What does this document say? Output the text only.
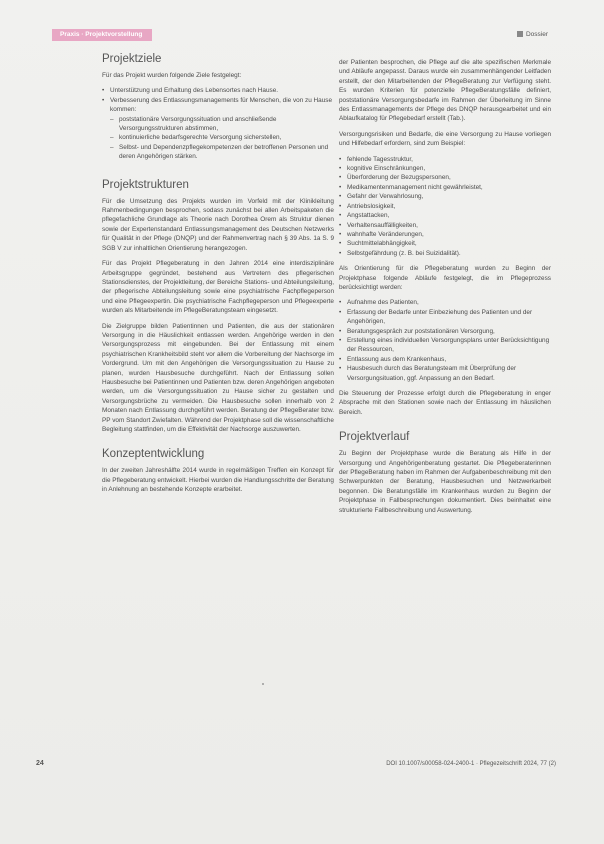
Praxis · Projektvorstellung	Dossier
Projektziele

Für das Projekt wurden folgende Ziele festgelegt:

• Unterstützung und Erhaltung des Lebensortes nach Hause.
• Verbesserung des Entlassungsmanagements für Menschen, die von zu Hause kommen:
– poststationäre Versorgungssituation und anschließende Versorgungsstrukturen abstimmen,
– kontinuierliche bedarfsgerechte Versorgung sicherstellen,
– Selbst- und Dependenzpflegekompetenzen der betroffenen Personen und deren Angehörigen stärken.
Projektstrukturen

Für die Umsetzung des Projekts wurden im Vorfeld mit der Klinikleitung Rahmenbedingungen besprochen, sodass zunächst bei allen Arbeitspaketen die pflegefachliche Grundlage als Theorie nach Dorothea Orem als Struktur dienen sowie der Expertenstandard Entlassungsmanagement des Deutschen Netzwerks für Qualität in der Pflege (DNQP) und der Rahmenvertrag nach § 39 Abs. 1a S. 9 SGB V zur inhaltlichen Orientierung herangezogen.

Für das Projekt Pflegeberatung in den Jahren 2014 eine interdisziplinäre Arbeitsgruppe gegründet, bestehend aus Vertretern des pflegerischen Stationsdienstes, der Projektleitung, der Bereiche Stations- und Abteilungsleitung, der pflegerische Abteilungsleitung sowie eine psychiatrische Fachpflegeperson und eine Pflegeexpertin. Die psychiatrische Fachpflegeperson und Pflegeexperte wurden als Mitarbeitende im PflegeBeratungsteam eingesetzt.

Die Zielgruppe bilden Patientinnen und Patienten, die aus der stationären Versorgung in die Häuslichkeit entlassen werden. Angehörige werden in den Versorgungsprozess mit eingebunden. Bei der Entlassung mit einem psychiatrischen Krankheitsbild steht vor allem die Vorbereitung der Nachsorge im Vordergrund. Um mit den Angehörigen die Versorgungssituation zu Hause zu planen, wurden Hausbesuche durchgeführt. Nach der Entlassung sollen Hausbesuche bei Patientinnen und Patienten bzw. deren Angehörigen angeboten werden, um die Versorgungssituation zu Hause sicher zu gestalten und Versorgungsbrüche zu vermeiden. Die Hausbesuche sollen innerhalb von 2 Monaten nach Entlassung durchgeführt werden. Beratung der PflegeBerater bzw. PP vom Standort Zwiefalten. Während der Projektphase soll die wissenschaftliche Begleitung stattfinden, um die Effektivität der Nachsorge auszuwerten.

Konzeptentwicklung

In der zweiten Jahreshälfte 2014 wurde in regelmäßigen Treffen ein Konzept für die Pflegeberatung entwickelt. Hierbei wurden die Handlungsschritte der Beratung in Anlehnung an bestehende Konzepte erarbeitet.

der Patienten besprochen, die Pflege auf die alte spezifischen Merkmale und Abläufe angepasst. Daraus wurde ein zusammenhängender Leitfaden erstellt, der den Mitarbeitenden der PflegeBeratung zur Verfügung steht. Es wurden Kriterien für potenzielle PflegeBeratungsfälle definiert, poststationäre Versorgungsbedarfe im Rahmen der Überleitung im Sinne des Entlassmanagements der Pflege des DNQP herausgearbeitet und ein Ablaufkatalog für Pflegebedarf erstellt (Tab.).

Versorgungsrisiken und Bedarfe, die eine Versorgung zu Hause vorliegen und Hilfebedarf erfordern, sind zum Beispiel:

• fehlende Tagesstruktur,
• kognitive Einschränkungen,
• Überforderung der Bezugspersonen,
• Medikamentenmanagement nicht gewährleistet,
• Gefahr der Verwahrlosung,
• Antriebslosigkeit,
• Angstattacken,
• Verhaltensauffälligkeiten,
• wahnhafte Veränderungen,
• Suchtmittelabhängigkeit,
• Selbstgefährdung (z. B. bei Suizidalität).

Als Orientierung für die Pflegeberatung wurden zu Beginn der Projektphase folgende Abläufe festgelegt, die im Pflegeprozess berücksichtigt werden:

• Aufnahme des Patienten,
• Erfassung der Bedarfe unter Einbeziehung des Patienten und der Angehörigen,
• Beratungsgespräch zur poststationären Versorgung,
• Erstellung eines individuellen Versorgungsplans unter Berücksichtigung der Ressourcen,
• Entlassung aus dem Krankenhaus,
• Hausbesuch durch das Beratungsteam mit Überprüfung der Versorgungsituation, ggf. Anpassung an den Bedarf.

Die Steuerung der Prozesse erfolgt durch die Pflegeberatung in enger Absprache mit den Stationen sowie nach der Entlassung im häuslichen Bereich.

Projektverlauf

Zu Beginn der Projektphase wurde die Beratung als Hilfe in der Versorgung und Angehörigenberatung gestartet. Die Pflegeberaterinnen der PflegeBeratung haben im Rahmen der Aufgabenbeschreibung mit den Schwerpunkten der Beratung, Hausbesuchen und Netzwerkarbeit begonnen. Die Beratungsfälle im Krankenhaus wurden zu Beginn der Projektphase in Fallbesprechungen dokumentiert. Dies beinhaltet eine strukturierte Fallbeschreibung und Auswertung.

24	DOI 10.1007/s00058-024-2400-1 · Pflegezeitschrift 2024, 77 (2)
